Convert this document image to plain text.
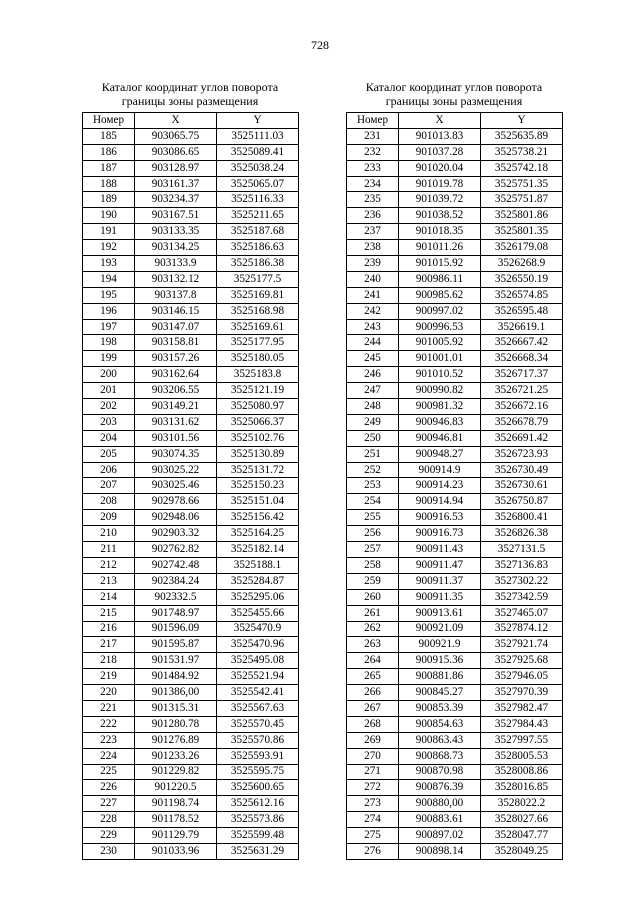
728
Каталог координат углов поворота
границы зоны размещения
Номер	X	Y
185	903065.75	3525111.03
186	903086.65	3525089.41
187	903128.97	3525038.24
188	903161.37	3525065.07
189	903234.37	3525116.33
190	903167.51	3525211.65
191	903133.35	3525187.68
192	903134.25	3525186.63
193	903133.9	3525186.38
194	903132.12	3525177.5
195	903137.8	3525169.81
196	903146.15	3525168.98
197	903147.07	3525169.61
198	903158.81	3525177.95
199	903157.26	3525180.05
200	903162.64	3525183.8
201	903206.55	3525121.19
202	903149.21	3525080.97
203	903131.62	3525066.37
204	903101.56	3525102.76
205	903074.35	3525130.89
206	903025.22	3525131.72
207	903025.46	3525150.23
208	902978.66	3525151.04
209	902948.06	3525156.42
210	902903.32	3525164.25
211	902762.82	3525182.14
212	902742.48	3525188.1
213	902384.24	3525284.87
214	902332.5	3525295.06
215	901748.97	3525455.66
216	901596.09	3525470.9
217	901595.87	3525470.96
218	901531.97	3525495.08
219	901484.92	3525521.94
220	901386,00	3525542.41
221	901315.31	3525567.63
222	901280.78	3525570.45
223	901276.89	3525570.86
224	901233.26	3525593.91
225	901229.82	3525595.75
226	901220.5	3525600.65
227	901198.74	3525612.16
228	901178.52	3525573.86
229	901129.79	3525599.48
230	901033.96	3525631.29
Каталог координат углов поворота
границы зоны размещения
Номер	X	Y
231	901013.83	3525635.89
232	901037.28	3525738.21
233	901020.04	3525742.18
234	901019.78	3525751.35
235	901039.72	3525751.87
236	901038.52	3525801.86
237	901018.35	3525801.35
238	901011.26	3526179.08
239	901015.92	3526268.9
240	900986.11	3526550.19
241	900985.62	3526574.85
242	900997.02	3526595.48
243	900996.53	3526619.1
244	901005.92	3526667.42
245	901001.01	3526668.34
246	901010.52	3526717.37
247	900990.82	3526721.25
248	900981.32	3526672.16
249	900946.83	3526678.79
250	900946.81	3526691.42
251	900948.27	3526723.93
252	900914.9	3526730.49
253	900914.23	3526730.61
254	900914.94	3526750.87
255	900916.53	3526800.41
256	900916.73	3526826.38
257	900911.43	3527131.5
258	900911.47	3527136.83
259	900911.37	3527302.22
260	900911.35	3527342.59
261	900913.61	3527465.07
262	900921.09	3527874.12
263	900921.9	3527921.74
264	900915.36	3527925.68
265	900881.86	3527946.05
266	900845.27	3527970.39
267	900853.39	3527982.47
268	900854.63	3527984.43
269	900863.43	3527997.55
270	900868.73	3528005.53
271	900870.98	3528008.86
272	900876.39	3528016.85
273	900880,00	3528022.2
274	900883.61	3528027.66
275	900897.02	3528047.77
276	900898.14	3528049.25
